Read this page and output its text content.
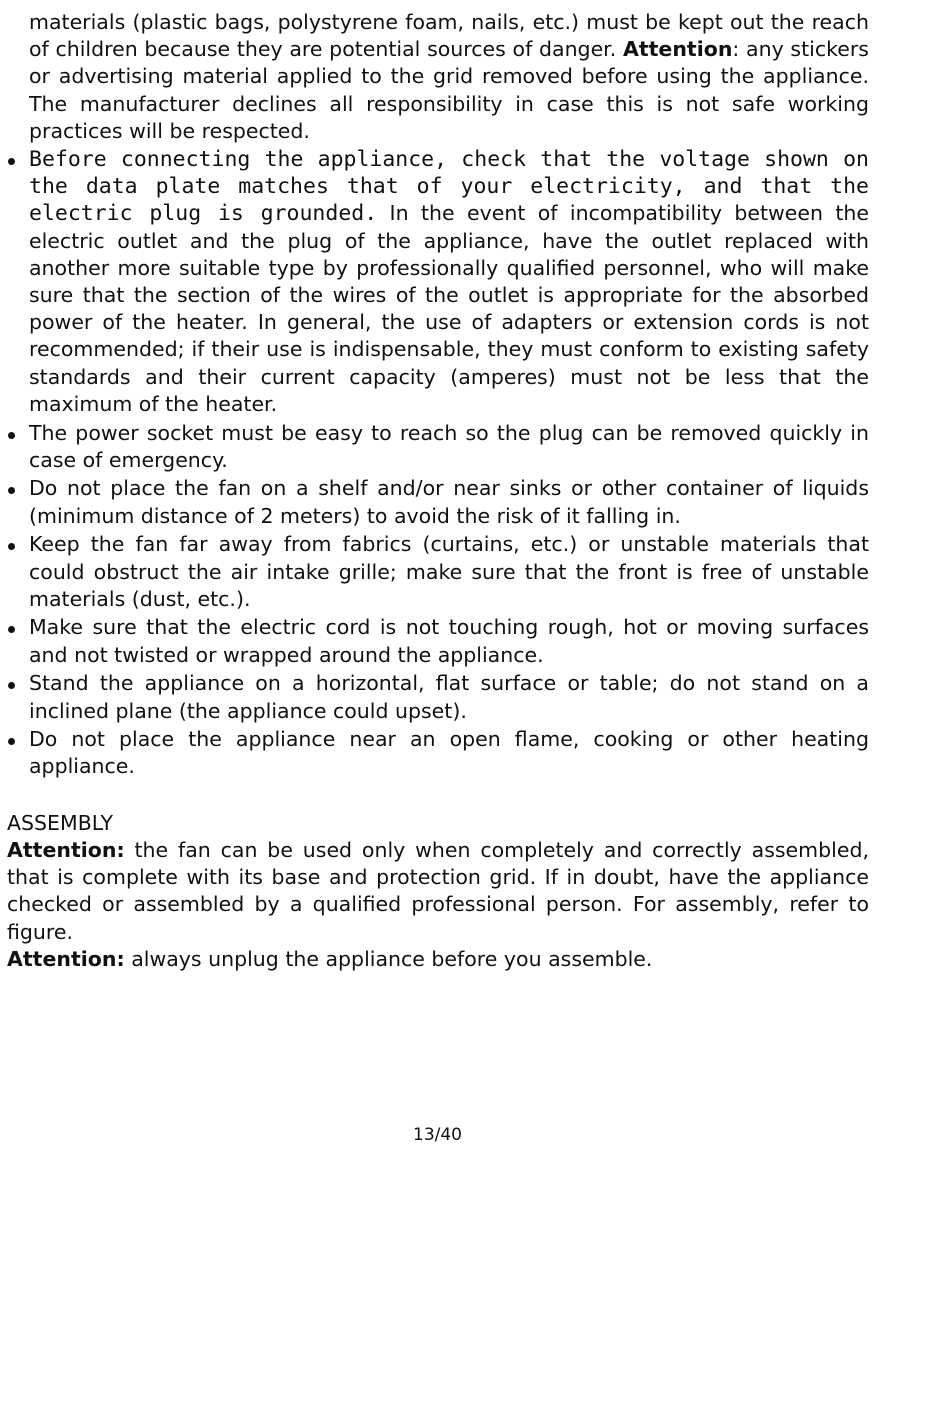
materials (plastic bags, polystyrene foam, nails, etc.) must be kept out the reach of children because they are potential sources of danger. Attention: any stickers or advertising material applied to the grid removed before using the appliance. The manufacturer declines all responsibility in case this is not safe working practices will be respected.

Before connecting the appliance, check that the voltage shown on the data plate matches that of your electricity, and that the electric plug is grounded. In the event of incompatibility between the electric outlet and the plug of the appliance, have the outlet replaced with another more suitable type by professionally qualified personnel, who will make sure that the section of the wires of the outlet is appropriate for the absorbed power of the heater. In general, the use of adapters or extension cords is not recommended; if their use is indispensable, they must conform to existing safety standards and their current capacity (amperes) must not be less that the maximum of the heater.
The power socket must be easy to reach so the plug can be removed quickly in case of emergency.
Do not place the fan on a shelf and/or near sinks or other container of liquids (minimum distance of 2 meters) to avoid the risk of it falling in.
Keep the fan far away from fabrics (curtains, etc.) or unstable materials that could obstruct the air intake grille; make sure that the front is free of unstable materials (dust, etc.).
Make sure that the electric cord is not touching rough, hot or moving surfaces and not twisted or wrapped around the appliance.
Stand the appliance on a horizontal, flat surface or table; do not stand on a inclined plane (the appliance could upset).
Do not place the appliance near an open flame, cooking or other heating appliance.

ASSEMBLY

Attention: the fan can be used only when completely and correctly assembled, that is complete with its base and protection grid. If in doubt, have the appliance checked or assembled by a qualified professional person. For assembly, refer to figure.

Attention: always unplug the appliance before you assemble.

13/40
